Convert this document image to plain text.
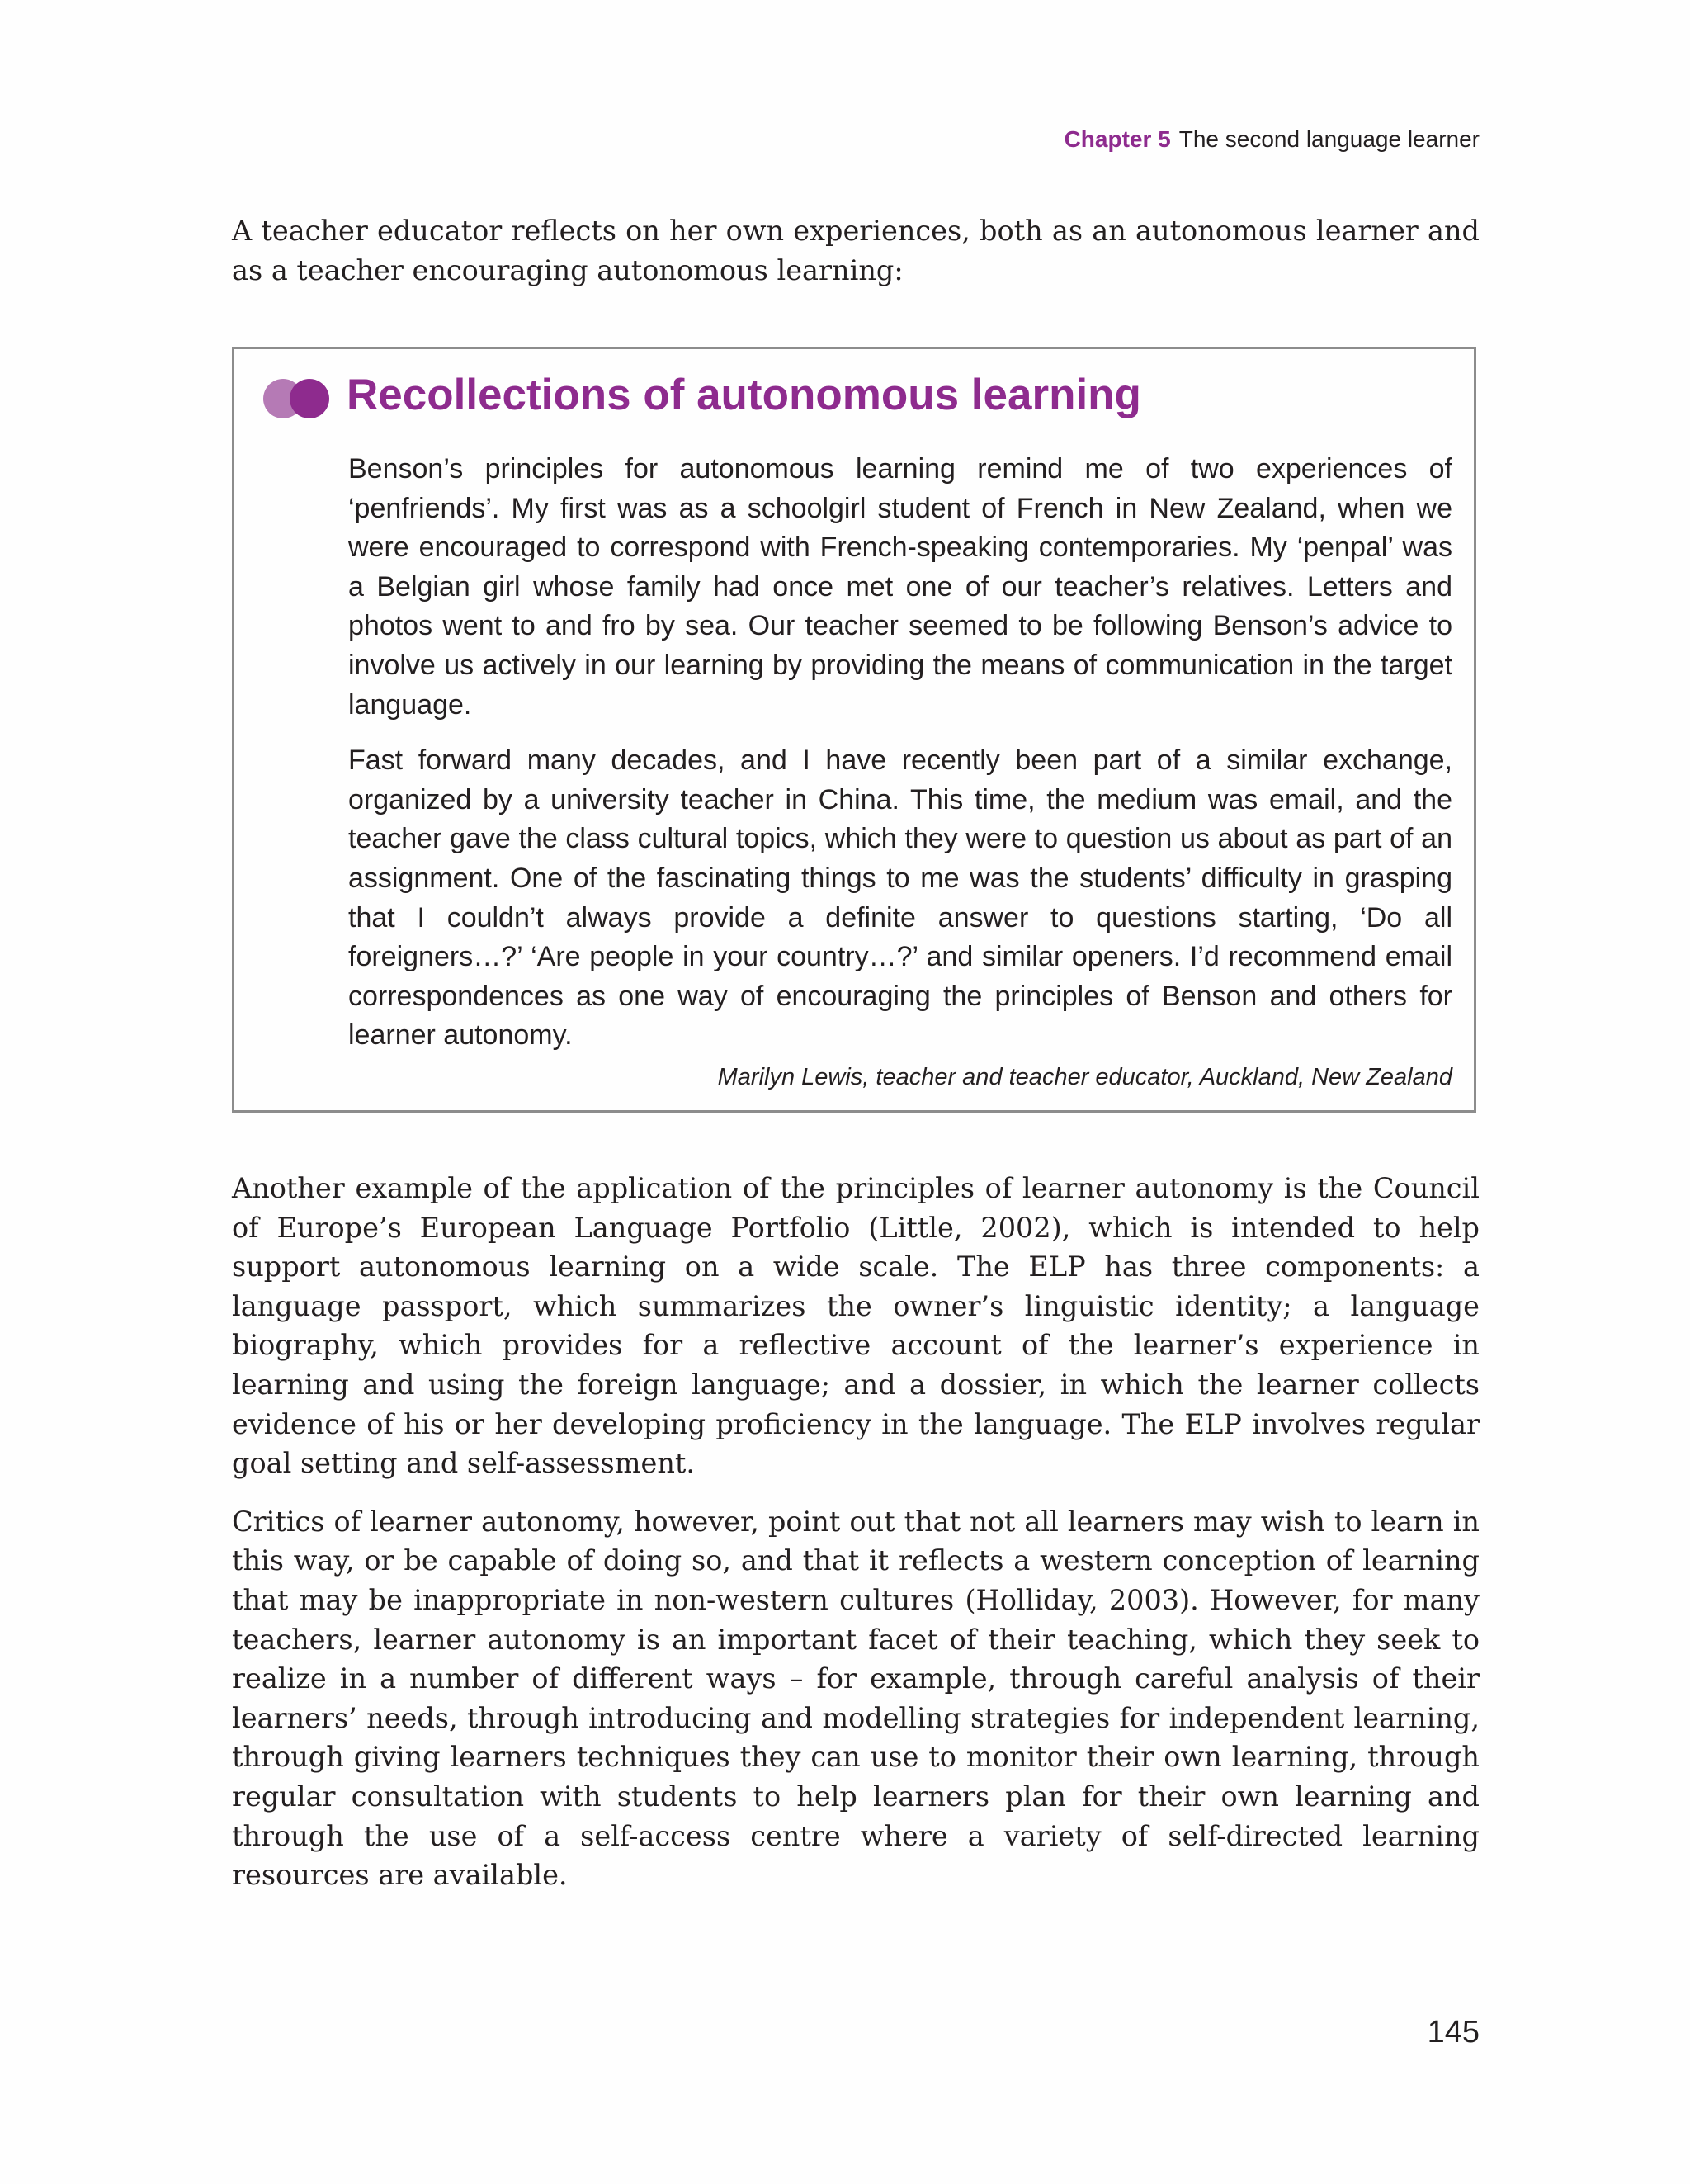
Chapter 5 The second language learner

A teacher educator reflects on her own experiences, both as an autonomous learner and as a teacher encouraging autonomous learning:

Recollections of autonomous learning

Benson’s principles for autonomous learning remind me of two experiences of ‘penfriends’. My first was as a schoolgirl student of French in New Zealand, when we were encouraged to correspond with French-speaking contemporaries. My ‘penpal’ was a Belgian girl whose family had once met one of our teacher’s relatives. Letters and photos went to and fro by sea. Our teacher seemed to be following Benson’s advice to involve us actively in our learning by providing the means of communication in the target language.

Fast forward many decades, and I have recently been part of a similar exchange, organized by a university teacher in China. This time, the medium was email, and the teacher gave the class cultural topics, which they were to question us about as part of an assignment. One of the fascinating things to me was the students’ difficulty in grasping that I couldn’t always provide a definite answer to questions starting, ‘Do all foreigners…?’ ‘Are people in your country…?’ and similar openers. I’d recommend email correspondences as one way of encouraging the principles of Benson and others for learner autonomy.

Marilyn Lewis, teacher and teacher educator, Auckland, New Zealand

Another example of the application of the principles of learner autonomy is the Council of Europe’s European Language Portfolio (Little, 2002), which is intended to help support autonomous learning on a wide scale. The ELP has three components: a language passport, which summarizes the owner’s linguistic identity; a language biography, which provides for a reflective account of the learner’s experience in learning and using the foreign language; and a dossier, in which the learner collects evidence of his or her developing proficiency in the language. The ELP involves regular goal setting and self-assessment.

Critics of learner autonomy, however, point out that not all learners may wish to learn in this way, or be capable of doing so, and that it reflects a western conception of learning that may be inappropriate in non-western cultures (Holliday, 2003). However, for many teachers, learner autonomy is an important facet of their teaching, which they seek to realize in a number of different ways – for example, through careful analysis of their learners’ needs, through introducing and modelling strategies for independent learning, through giving learners techniques they can use to monitor their own learning, through regular consultation with students to help learners plan for their own learning and through the use of a self-access centre where a variety of self-directed learning resources are available.

145
